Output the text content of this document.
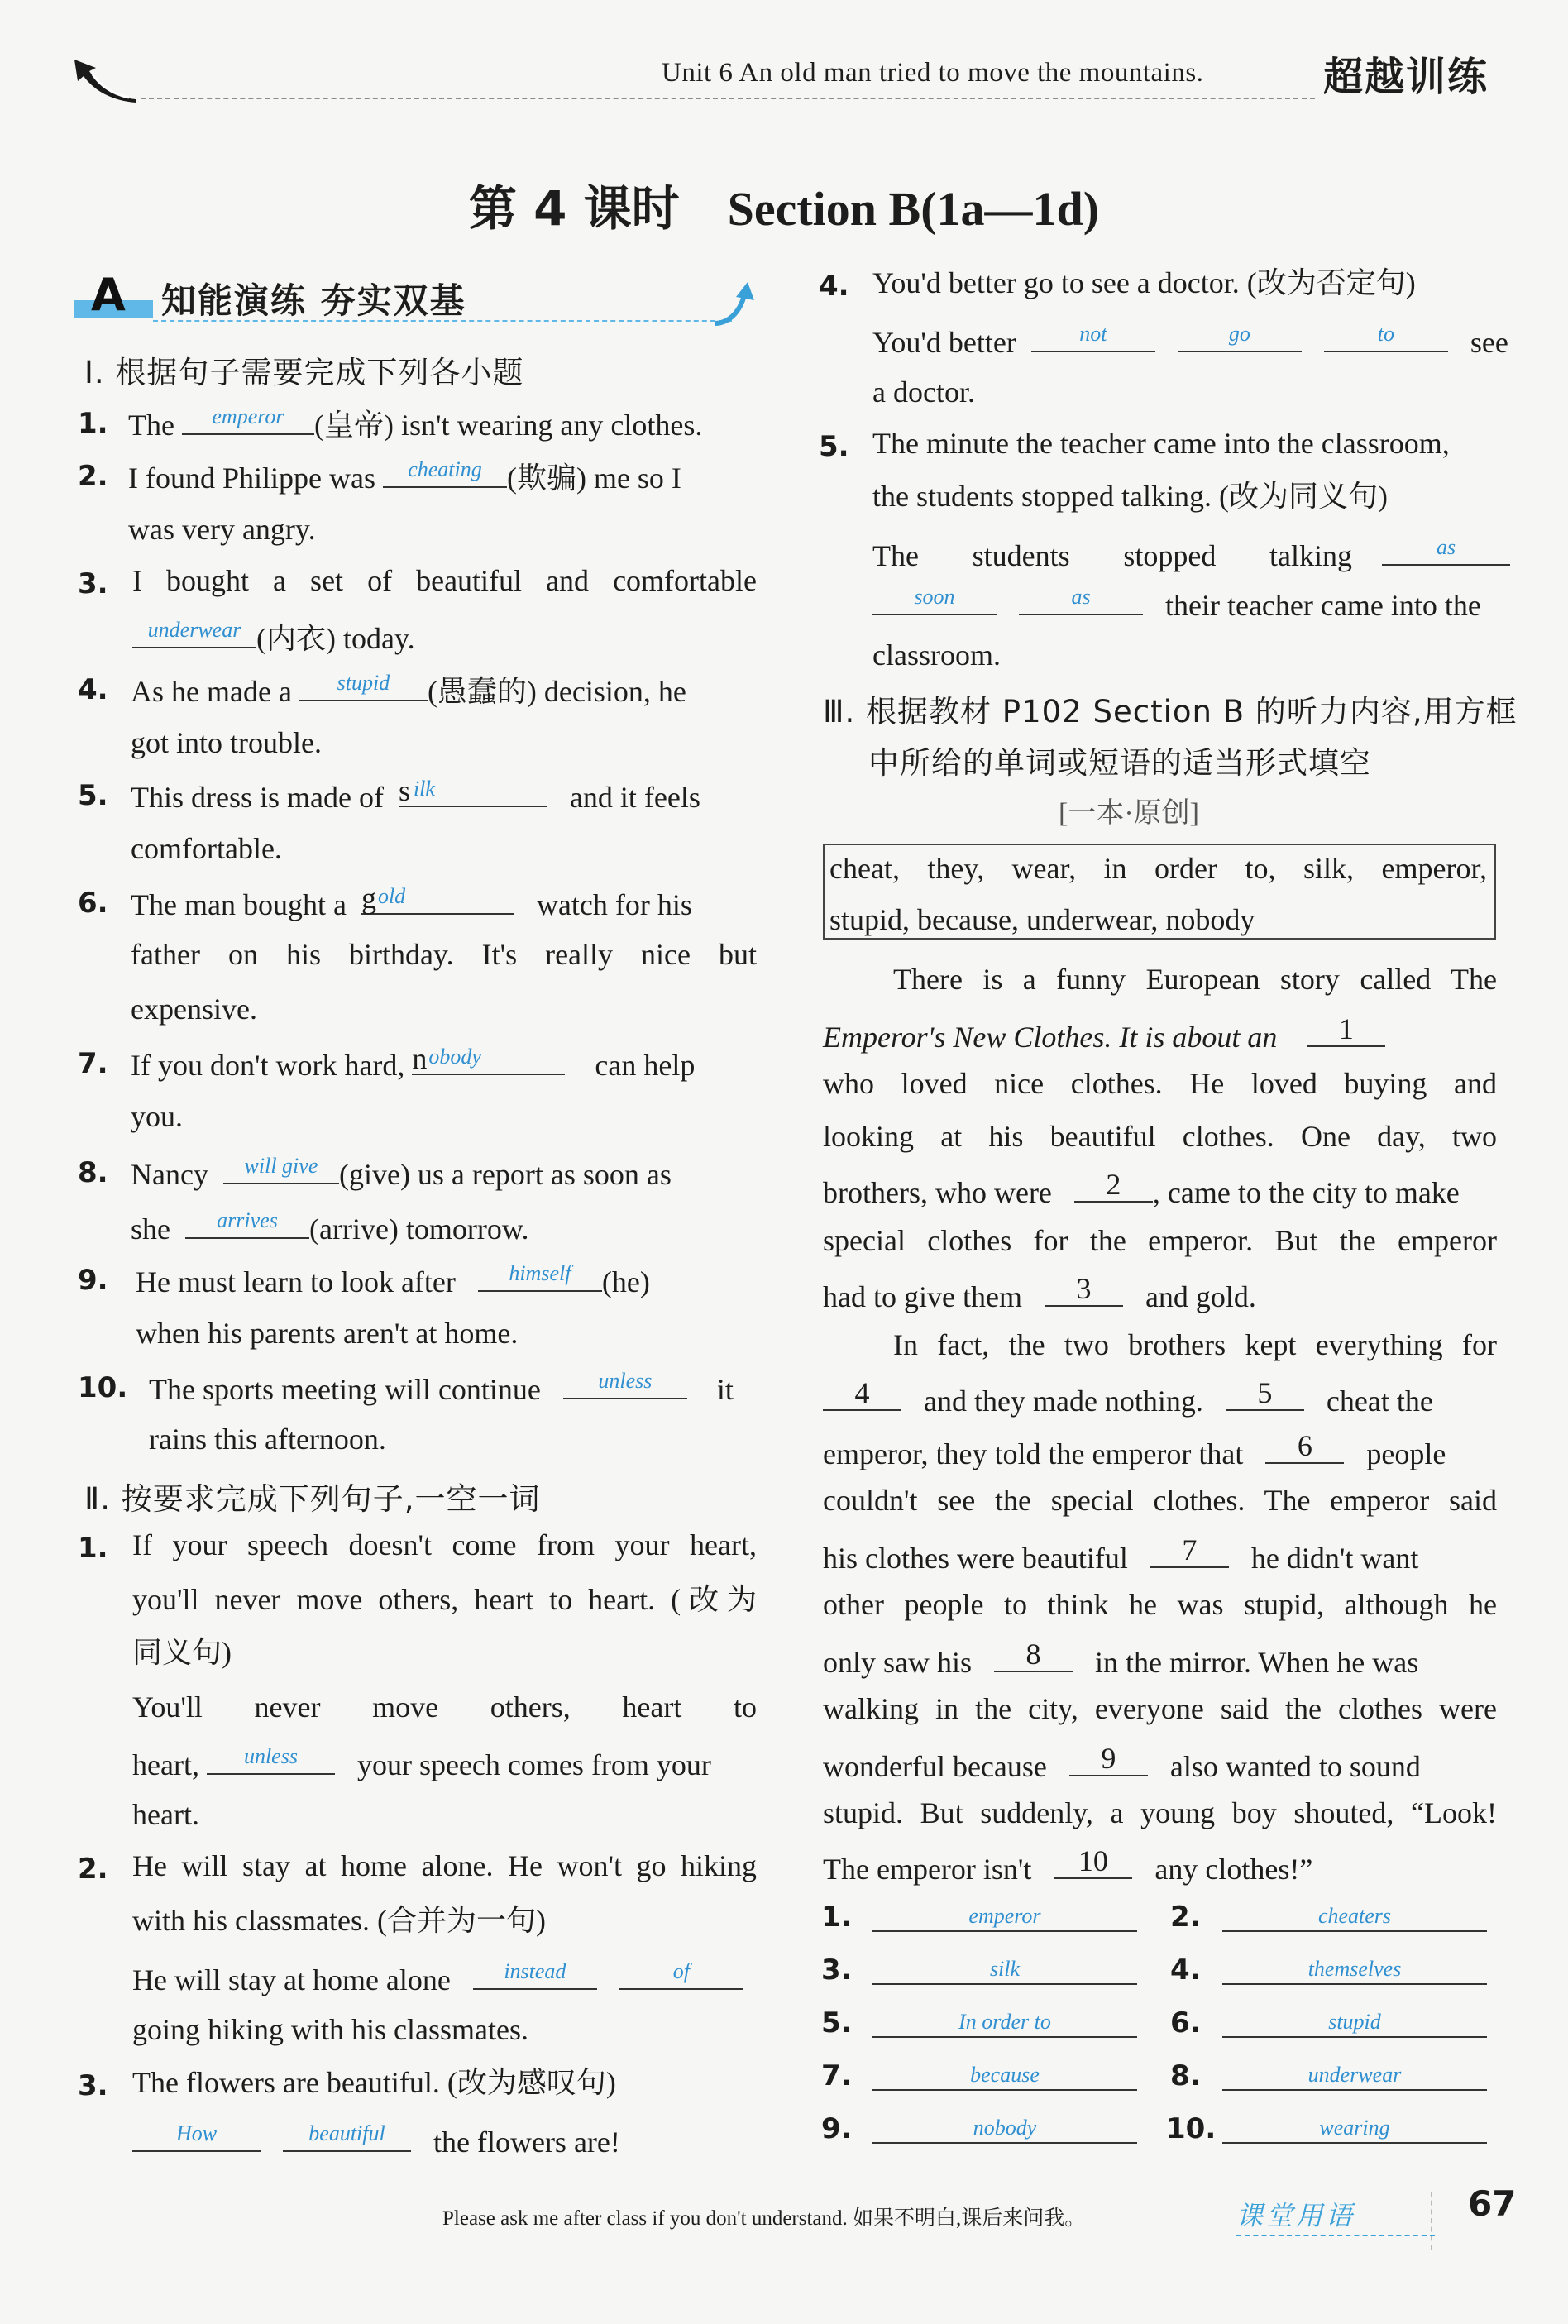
Unit 6 An old man tried to move the mountains.	超越训练
第 4 课时 Section B(1a—1d)
A 知能演练 夯实双基
Ⅰ. 根据句子需要完成下列各小题
1. The	emperor	(皇帝) isn't wearing any clothes.
2. I found Philippe was	cheating (欺骗) me so I
was very angry.
3. I bought a set of beautiful and comfortable
underwear (内衣) today.
4. As he made a	stupid	(愚蠢的) decision, he
got into trouble.
5. This dress is made of s ilk	and it feels
comfortable.
6. The man bought a g old	watch for his
father on his birthday. It's really nice but
expensive.
7. If you don't work hard, n obody	can help
you.
8. Nancy	will give (give) us a report as soon as
she	arrives	(arrive) tomorrow.
9. He must learn to look after	himself	(he)
when his parents aren't at home.
10. The sports meeting will continue	unless	it
rains this afternoon.
Ⅱ. 按要求完成下列句子,一空一词
1. If your speech doesn't come from your heart,
you'll never move others, heart to heart. (改为
同义句)
You'll never move others, heart to
heart,	unless	your speech comes from your
heart.
2. He will stay at home alone. He won't go hiking
with his classmates. (合并为一句)
He will stay at home alone	instead
	of
going hiking with his classmates.
3. The flowers are beautiful. (改为感叹句)
How
	beautiful	the flowers are!
4. You'd better go to see a doctor. (改为否定句)
You'd better	not
	go
	to	see
a doctor.
5. The minute the teacher came into the classroom,
the students stopped talking. (改为同义句)
The students stopped talking
	as
soon
	as	their teacher came into the
classroom.
Ⅲ. 根据教材 P102 Section B 的听力内容,用方框
中所给的单词或短语的适当形式填空
[一本·原创]
cheat, they, wear, in order to, silk, emperor,
stupid, because, underwear, nobody
There is a funny European story called The
Emperor's New Clothes. It is about an	1
who loved nice clothes. He loved buying and
looking at his beautiful clothes. One day, two
brothers, who were	2	, came to the city to make
special clothes for the emperor. But the emperor
had to give them	3	and gold.
In fact, the two brothers kept everything for
4	and they made nothing.	5	cheat the
emperor, they told the emperor that	6	people
couldn't see the special clothes. The emperor said
his clothes were beautiful	7	he didn't want
other people to think he was stupid, although he
only saw his	8	in the mirror. When he was
walking in the city, everyone said the clothes were
wonderful because	9	also wanted to sound
stupid. But suddenly, a young boy shouted, “Look!
The emperor isn't	10	any clothes!”
1.	emperor	2.	cheaters
3.	silk	4.	themselves
5.	In order to	6.	stupid
7.	because	8.	underwear
9.	nobody	10.	wearing
Please ask me after class if you don't understand. 如果不明白,课后来问我。	课堂用语	67
